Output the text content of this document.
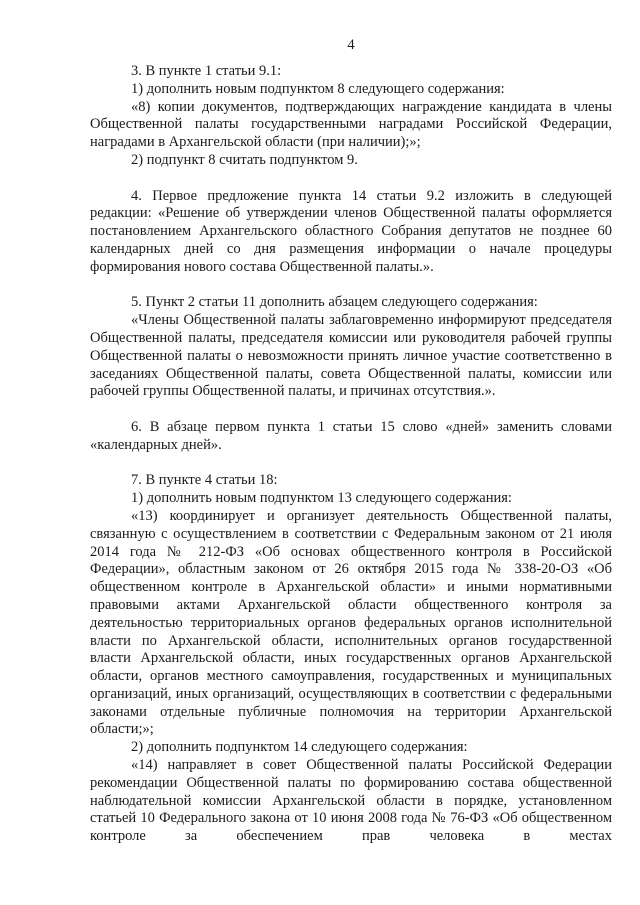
4

3. В пункте 1 статьи 9.1:

1) дополнить новым подпунктом 8 следующего содержания:

«8) копии документов, подтверждающих награждение кандидата в члены Общественной палаты государственными наградами Российской Федерации, наградами в Архангельской области (при наличии);»;

2) подпункт 8 считать подпунктом 9.

4. Первое предложение пункта 14 статьи 9.2 изложить в следующей редакции: «Решение об утверждении членов Общественной палаты оформляется постановлением Архангельского областного Собрания депутатов не позднее 60 календарных дней со дня размещения информации о начале процедуры формирования нового состава Общественной палаты.».

5. Пункт 2 статьи 11 дополнить абзацем следующего содержания:

«Члены Общественной палаты заблаговременно информируют председателя Общественной палаты, председателя комиссии или руководителя рабочей группы Общественной палаты о невозможности принять личное участие соответственно в заседаниях Общественной палаты, совета Общественной палаты, комиссии или рабочей группы Общественной палаты, и причинах отсутствия.».

6. В абзаце первом пункта 1 статьи 15 слово «дней» заменить словами «календарных дней».

7. В пункте 4 статьи 18:

1) дополнить новым подпунктом 13 следующего содержания:

«13) координирует и организует деятельность Общественной палаты, связанную с осуществлением в соответствии с Федеральным законом от 21 июля 2014 года № 212-ФЗ «Об основах общественного контроля в Российской Федерации», областным законом от 26 октября 2015 года № 338-20-ОЗ «Об общественном контроле в Архангельской области» и иными нормативными правовыми актами Архангельской области общественного контроля за деятельностью территориальных органов федеральных органов исполнительной власти по Архангельской области, исполнительных органов государственной власти Архангельской области, иных государственных органов Архангельской области, органов местного самоуправления, государственных и муниципальных организаций, иных организаций, осуществляющих в соответствии с федеральными законами отдельные публичные полномочия на территории Архангельской области;»;

2) дополнить подпунктом 14 следующего содержания:

«14) направляет в совет Общественной палаты Российской Федерации рекомендации Общественной палаты по формированию состава общественной наблюдательной комиссии Архангельской области в порядке, установленном статьей 10 Федерального закона от 10 июня 2008 года № 76-ФЗ «Об общественном контроле за обеспечением прав человека в местах
